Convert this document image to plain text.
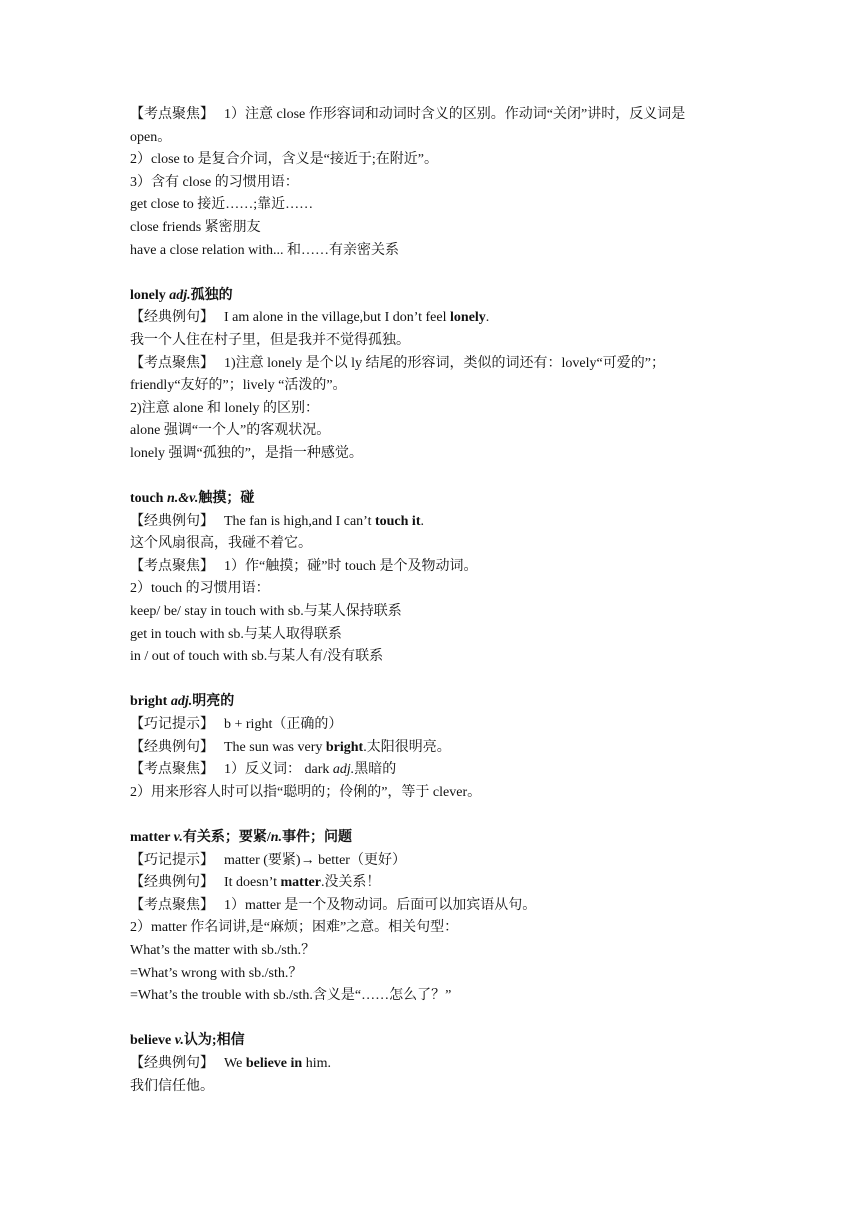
【考点聚焦】 1）注意 close 作形容词和动词时含义的区别。作动词“关闭”讲时，反义词是
open。
2）close to 是复合介词，含义是“接近于;在附近”。
3）含有 close 的习惯用语：
get close to 接近……;靠近……
close friends 紧密朋友
have a close relation with... 和……有亲密关系
lonely adj.孤独的
【经典例句】 I am alone in the village,but I don’t feel lonely.
我一个人住在村子里，但是我并不觉得孤独。
【考点聚焦】 1)注意 lonely 是个以 ly 结尾的形容词，类似的词还有：lovely“可爱的”；
friendly“友好的”；lively “活泼的”。
2)注意 alone 和 lonely 的区别：
alone 强调“一个人”的客观状况。
lonely 强调“孤独的”，是指一种感觉。
touch n.&v.触摸；碰
【经典例句】 The fan is high,and I can’t touch it.
这个风扇很高，我碰不着它。
【考点聚焦】 1）作“触摸；碰”时 touch 是个及物动词。
2）touch 的习惯用语：
keep/ be/ stay in touch with sb.与某人保持联系
get in touch with sb.与某人取得联系
in / out of touch with sb.与某人有/没有联系
bright adj.明亮的
【巧记提示】 b + right（正确的）
【经典例句】 The sun was very bright.太阳很明亮。
【考点聚焦】 1）反义词： dark adj.黑暗的
2）用来形容人时可以指“聪明的；伶俐的”，等于 clever。
matter v.有关系；要紧/n.事件；问题
【巧记提示】 matter (要紧)→ better（更好）
【经典例句】 It doesn’t matter.没关系！
【考点聚焦】 1）matter 是一个及物动词。后面可以加宾语从句。
2）matter 作名词讲,是“麻烦；困难”之意。相关句型：
What’s the matter with sb./sth.？
=What’s wrong with sb./sth.？
=What’s the trouble with sb./sth.含义是“……怎么了？”
believe v.认为;相信
【经典例句】 We believe in him.
我们信任他。
